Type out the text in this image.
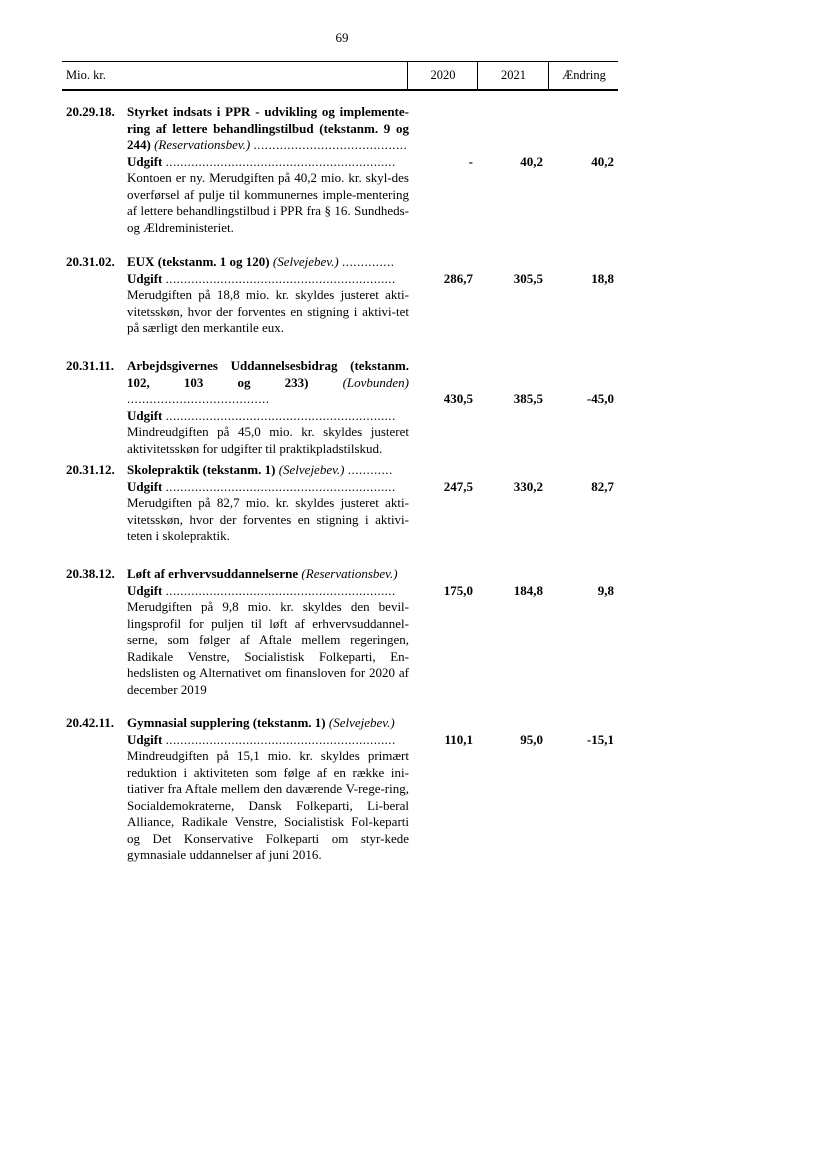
69
Mio. kr.	2020	2021	Ændring
20.29.18. Styrket indsats i PPR - udvikling og implemente-ring af lettere behandlingstilbud (tekstanm. 9 og 244) (Reservationsbev.) .........................................
Udgift ...............................................................
Kontoen er ny. Merudgiften på 40,2 mio. kr. skyl-des overførsel af pulje til kommunernes imple-mentering af lettere behandlingstilbud i PPR fra § 16. Sundheds- og Ældreministeriet.
-	40,2	40,2
20.31.02. EUX (tekstanm. 1 og 120) (Selvejebev.) ..............
Udgift ...............................................................
Merudgiften på 18,8 mio. kr. skyldes justeret akti-vitetsskøn, hvor der forventes en stigning i aktivi-tet på særligt den merkantile eux.
286,7	305,5	18,8
20.31.11. Arbejdsgivernes Uddannelsesbidrag (tekstanm. 102, 103 og 233)	(Lovbunden) ......................................
Udgift ...............................................................
Mindreudgiften på 45,0 mio. kr. skyldes justeret aktivitetsskøn for udgifter til praktikpladstilskud.
430,5	385,5	-45,0
20.31.12. Skolepraktik (tekstanm. 1) (Selvejebev.) ............
Udgift ...............................................................
Merudgiften på 82,7 mio. kr. skyldes justeret akti-vitetsskøn, hvor der forventes en stigning i aktivi-teten i skolepraktik.
247,5	330,2	82,7
20.38.12. Løft af erhvervsuddannelserne (Reservationsbev.)
Udgift ...............................................................
Merudgiften på 9,8 mio. kr. skyldes den bevil-lingsprofil for puljen til løft af erhvervsuddannel-serne, som følger af Aftale mellem regeringen, Radikale Venstre, Socialistisk Folkeparti, En-hedslisten og Alternativet om finansloven for 2020 af december 2019
175,0	184,8	9,8
20.42.11. Gymnasial supplering (tekstanm. 1) (Selvejebev.)
Udgift ...............................................................
Mindreudgiften på 15,1 mio. kr. skyldes primært reduktion i aktiviteten som følge af en række ini-tiativer fra Aftale mellem den daværende V-rege-ring, Socialdemokraterne, Dansk Folkeparti, Li-beral Alliance, Radikale Venstre, Socialistisk Fol-keparti og Det Konservative Folkeparti om styr-kede gymnasiale uddannelser af juni 2016.
110,1	95,0	-15,1
